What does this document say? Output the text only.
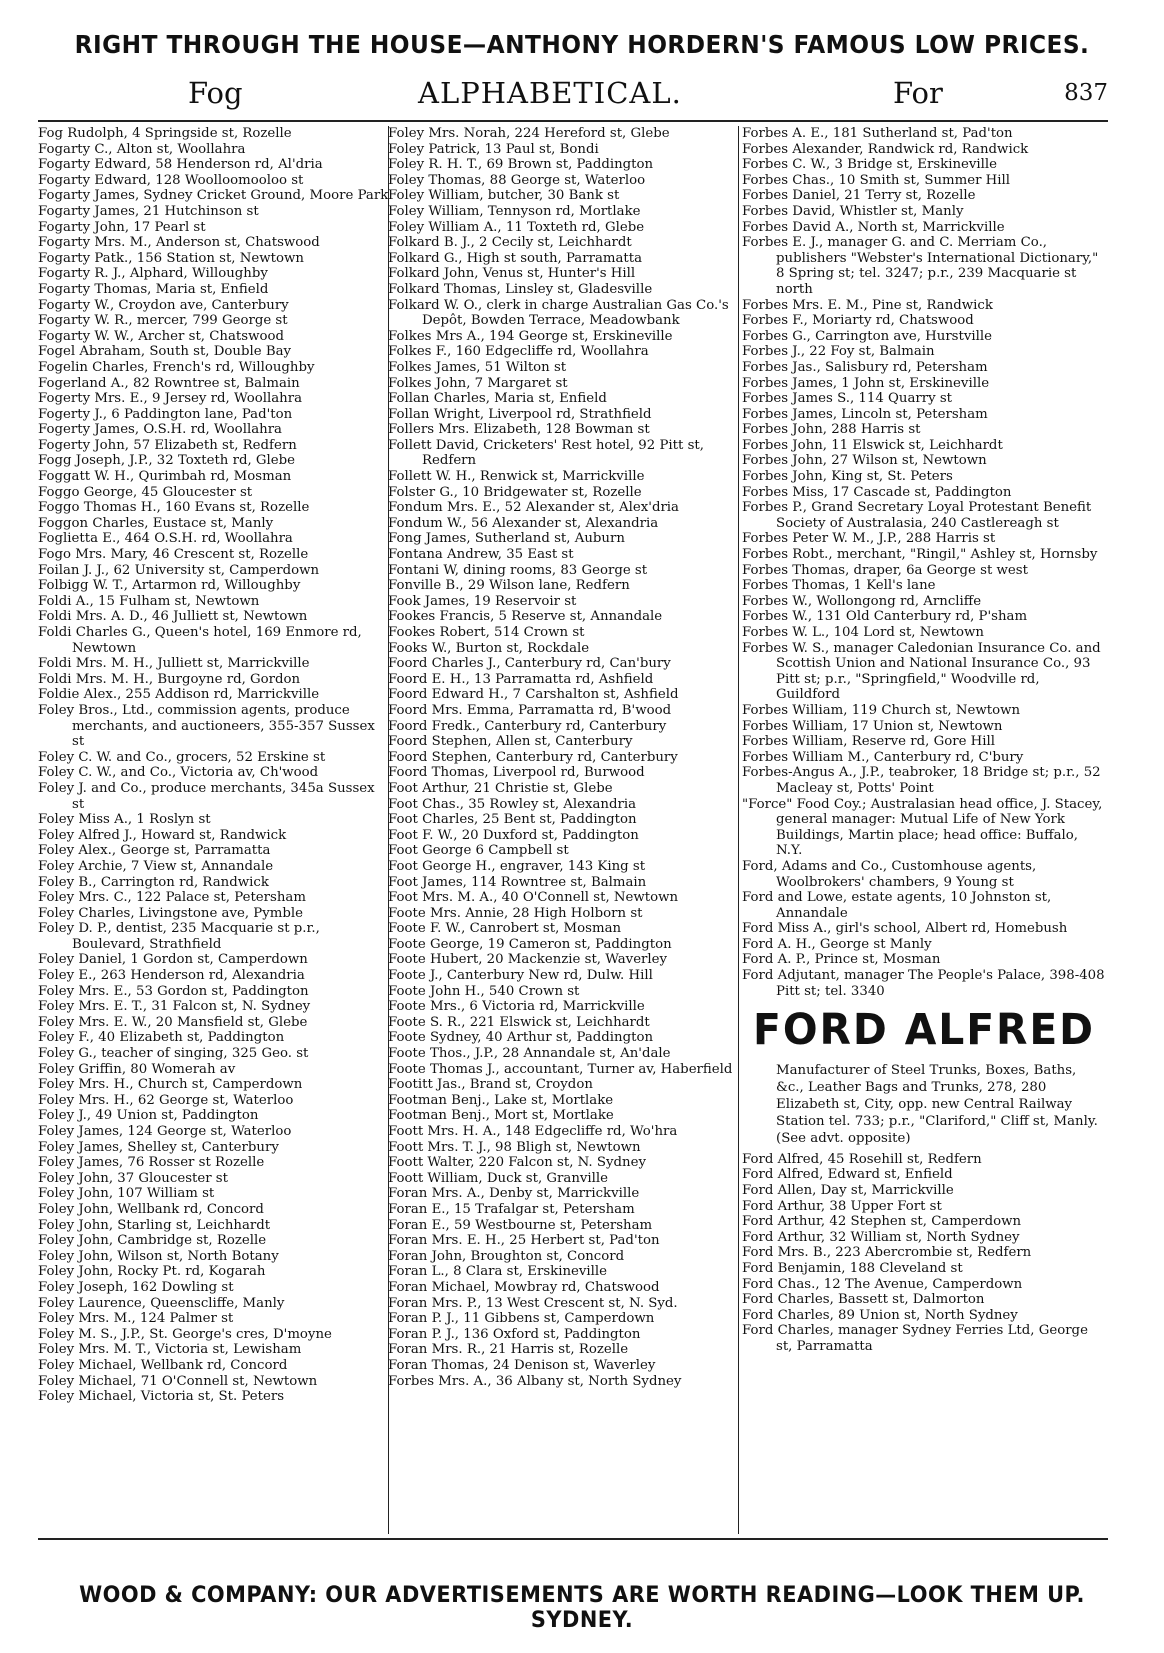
RIGHT THROUGH THE HOUSE—ANTHONY HORDERN'S FAMOUS LOW PRICES.
Fog	ALPHABETICAL.	For	837
Fog Rudolph, 4 Springside st, Rozelle
Fogarty C., Alton st, Woollahra
Fogarty Edward, 58 Henderson rd, Al'dria
Fogarty Edward, 128 Woolloomooloo st
Fogarty James, Sydney Cricket Ground, Moore Park
Fogarty James, 21 Hutchinson st
Fogarty John, 17 Pearl st
Fogarty Mrs. M., Anderson st, Chatswood
Fogarty Patk., 156 Station st, Newtown
Fogarty R. J., Alphard, Willoughby
Fogarty Thomas, Maria st, Enfield
Fogarty W., Croydon ave, Canterbury
Fogarty W. R., mercer, 799 George st
Fogarty W. W., Archer st, Chatswood
Fogel Abraham, South st, Double Bay
Fogelin Charles, French's rd, Willoughby
Fogerland A., 82 Rowntree st, Balmain
Fogerty Mrs. E., 9 Jersey rd, Woollahra
Fogerty J., 6 Paddington lane, Pad'ton
Fogerty James, O.S.H. rd, Woollahra
Fogerty John, 57 Elizabeth st, Redfern
Fogg Joseph, J.P., 32 Toxteth rd, Glebe
Foggatt W. H., Qurimbah rd, Mosman
Foggo George, 45 Gloucester st
Foggo Thomas H., 160 Evans st, Rozelle
Foggon Charles, Eustace st, Manly
Foglietta E., 464 O.S.H. rd, Woollahra
Fogo Mrs. Mary, 46 Crescent st, Rozelle
Foilan J. J., 62 University st, Camperdown
Folbigg W. T., Artarmon rd, Willoughby
Foldi A., 15 Fulham st, Newtown
Foldi Mrs. A. D., 46 Julliett st, Newtown
Foldi Charles G., Queen's hotel, 169 Enmore rd, Newtown
Foldi Mrs. M. H., Julliett st, Marrickville
Foldi Mrs. M. H., Burgoyne rd, Gordon
Foldie Alex., 255 Addison rd, Marrickville
Foley Bros., Ltd., commission agents, produce merchants, and auctioneers, 355-357 Sussex st
Foley C. W. and Co., grocers, 52 Erskine st
Foley C. W., and Co., Victoria av, Ch'wood
Foley J. and Co., produce merchants, 345a Sussex st
Foley Miss A., 1 Roslyn st
Foley Alfred J., Howard st, Randwick
Foley Alex., George st, Parramatta
Foley Archie, 7 View st, Annandale
Foley B., Carrington rd, Randwick
Foley Mrs. C., 122 Palace st, Petersham
Foley Charles, Livingstone ave, Pymble
Foley D. P., dentist, 235 Macquarie st p.r., Boulevard, Strathfield
Foley Daniel, 1 Gordon st, Camperdown
Foley E., 263 Henderson rd, Alexandria
Foley Mrs. E., 53 Gordon st, Paddington
Foley Mrs. E. T., 31 Falcon st, N. Sydney
Foley Mrs. E. W., 20 Mansfield st, Glebe
Foley F., 40 Elizabeth st, Paddington
Foley G., teacher of singing, 325 Geo. st
Foley Griffin, 80 Womerah av
Foley Mrs. H., Church st, Camperdown
Foley Mrs. H., 62 George st, Waterloo
Foley J., 49 Union st, Paddington
Foley James, 124 George st, Waterloo
Foley James, Shelley st, Canterbury
Foley James, 76 Rosser st Rozelle
Foley John, 37 Gloucester st
Foley John, 107 William st
Foley John, Wellbank rd, Concord
Foley John, Starling st, Leichhardt
Foley John, Cambridge st, Rozelle
Foley John, Wilson st, North Botany
Foley John, Rocky Pt. rd, Kogarah
Foley Joseph, 162 Dowling st
Foley Laurence, Queenscliffe, Manly
Foley Mrs. M., 124 Palmer st
Foley M. S., J.P., St. George's cres, D'moyne
Foley Mrs. M. T., Victoria st, Lewisham
Foley Michael, Wellbank rd, Concord
Foley Michael, 71 O'Connell st, Newtown
Foley Michael, Victoria st, St. Peters
Foley Mrs. Norah, 224 Hereford st, Glebe
Foley Patrick, 13 Paul st, Bondi
Foley R. H. T., 69 Brown st, Paddington
Foley Thomas, 88 George st, Waterloo
Foley William, butcher, 30 Bank st
Foley William, Tennyson rd, Mortlake
Foley William A., 11 Toxteth rd, Glebe
Folkard B. J., 2 Cecily st, Leichhardt
Folkard G., High st south, Parramatta
Folkard John, Venus st, Hunter's Hill
Folkard Thomas, Linsley st, Gladesville
Folkard W. O., clerk in charge Australian Gas Co.'s Depôt, Bowden Terrace, Meadowbank
Folkes Mrs A., 194 George st, Erskineville
Folkes F., 160 Edgecliffe rd, Woollahra
Folkes James, 51 Wilton st
Folkes John, 7 Margaret st
Follan Charles, Maria st, Enfield
Follan Wright, Liverpool rd, Strathfield
Follers Mrs. Elizabeth, 128 Bowman st
Follett David, Cricketers' Rest hotel, 92 Pitt st, Redfern
Follett W. H., Renwick st, Marrickville
Folster G., 10 Bridgewater st, Rozelle
Fondum Mrs. E., 52 Alexander st, Alex'dria
Fondum W., 56 Alexander st, Alexandria
Fong James, Sutherland st, Auburn
Fontana Andrew, 35 East st
Fontani W, dining rooms, 83 George st
Fonville B., 29 Wilson lane, Redfern
Fook James, 19 Reservoir st
Fookes Francis, 5 Reserve st, Annandale
Fookes Robert, 514 Crown st
Fooks W., Burton st, Rockdale
Foord Charles J., Canterbury rd, Can'bury
Foord E. H., 13 Parramatta rd, Ashfield
Foord Edward H., 7 Carshalton st, Ashfield
Foord Mrs. Emma, Parramatta rd, B'wood
Foord Fredk., Canterbury rd, Canterbury
Foord Stephen, Allen st, Canterbury
Foord Stephen, Canterbury rd, Canterbury
Foord Thomas, Liverpool rd, Burwood
Foot Arthur, 21 Christie st, Glebe
Foot Chas., 35 Rowley st, Alexandria
Foot Charles, 25 Bent st, Paddington
Foot F. W., 20 Duxford st, Paddington
Foot George 6 Campbell st
Foot George H., engraver, 143 King st
Foot James, 114 Rowntree st, Balmain
Foot Mrs. M. A., 40 O'Connell st, Newtown
Foote Mrs. Annie, 28 High Holborn st
Foote F. W., Canrobert st, Mosman
Foote George, 19 Cameron st, Paddington
Foote Hubert, 20 Mackenzie st, Waverley
Foote J., Canterbury New rd, Dulw. Hill
Foote John H., 540 Crown st
Foote Mrs., 6 Victoria rd, Marrickville
Foote S. R., 221 Elswick st, Leichhardt
Foote Sydney, 40 Arthur st, Paddington
Foote Thos., J.P., 28 Annandale st, An'dale
Foote Thomas J., accountant, Turner av, Haberfield
Footitt Jas., Brand st, Croydon
Footman Benj., Lake st, Mortlake
Footman Benj., Mort st, Mortlake
Foott Mrs. H. A., 148 Edgecliffe rd, Wo'hra
Foott Mrs. T. J., 98 Bligh st, Newtown
Foott Walter, 220 Falcon st, N. Sydney
Foott William, Duck st, Granville
Foran Mrs. A., Denby st, Marrickville
Foran E., 15 Trafalgar st, Petersham
Foran E., 59 Westbourne st, Petersham
Foran Mrs. E. H., 25 Herbert st, Pad'ton
Foran John, Broughton st, Concord
Foran L., 8 Clara st, Erskineville
Foran Michael, Mowbray rd, Chatswood
Foran Mrs. P., 13 West Crescent st, N. Syd.
Foran P. J., 11 Gibbens st, Camperdown
Foran P. J., 136 Oxford st, Paddington
Foran Mrs. R., 21 Harris st, Rozelle
Foran Thomas, 24 Denison st, Waverley
Forbes Mrs. A., 36 Albany st, North Sydney
Forbes A. E., 181 Sutherland st, Pad'ton
Forbes Alexander, Randwick rd, Randwick
Forbes C. W., 3 Bridge st, Erskineville
Forbes Chas., 10 Smith st, Summer Hill
Forbes Daniel, 21 Terry st, Rozelle
Forbes David, Whistler st, Manly
Forbes David A., North st, Marrickville
Forbes E. J., manager G. and C. Merriam Co., publishers "Webster's International Dictionary," 8 Spring st; tel. 3247; p.r., 239 Macquarie st north
Forbes Mrs. E. M., Pine st, Randwick
Forbes F., Moriarty rd, Chatswood
Forbes G., Carrington ave, Hurstville
Forbes J., 22 Foy st, Balmain
Forbes Jas., Salisbury rd, Petersham
Forbes James, 1 John st, Erskineville
Forbes James S., 114 Quarry st
Forbes James, Lincoln st, Petersham
Forbes John, 288 Harris st
Forbes John, 11 Elswick st, Leichhardt
Forbes John, 27 Wilson st, Newtown
Forbes John, King st, St. Peters
Forbes Miss, 17 Cascade st, Paddington
Forbes P., Grand Secretary Loyal Protestant Benefit Society of Australasia, 240 Castlereagh st
Forbes Peter W. M., J.P., 288 Harris st
Forbes Robt., merchant, "Ringil," Ashley st, Hornsby
Forbes Thomas, draper, 6a George st west
Forbes Thomas, 1 Kell's lane
Forbes W., Wollongong rd, Arncliffe
Forbes W., 131 Old Canterbury rd, P'sham
Forbes W. L., 104 Lord st, Newtown
Forbes W. S., manager Caledonian Insurance Co. and Scottish Union and National Insurance Co., 93 Pitt st; p.r., "Springfield," Woodville rd, Guildford
Forbes William, 119 Church st, Newtown
Forbes William, 17 Union st, Newtown
Forbes William, Reserve rd, Gore Hill
Forbes William M., Canterbury rd, C'bury
Forbes-Angus A., J.P., teabroker, 18 Bridge st; p.r., 52 Macleay st, Potts' Point
"Force" Food Coy.; Australasian head office, J. Stacey, general manager: Mutual Life of New York Buildings, Martin place; head office: Buffalo, N.Y.
Ford, Adams and Co., Customhouse agents, Woolbrokers' chambers, 9 Young st
Ford and Lowe, estate agents, 10 Johnston st, Annandale
Ford Miss A., girl's school, Albert rd, Homebush
Ford A. H., George st Manly
Ford A. P., Prince st, Mosman
Ford Adjutant, manager The People's Palace, 398-408 Pitt st; tel. 3340
FORD ALFRED
Manufacturer of Steel Trunks, Boxes, Baths, &c., Leather Bags and Trunks, 278, 280 Elizabeth st, City, opp. new Central Railway Station tel. 733; p.r., "Clariford," Cliff st, Manly. (See advt. opposite)
Ford Alfred, 45 Rosehill st, Redfern
Ford Alfred, Edward st, Enfield
Ford Allen, Day st, Marrickville
Ford Arthur, 38 Upper Fort st
Ford Arthur, 42 Stephen st, Camperdown
Ford Arthur, 32 William st, North Sydney
Ford Mrs. B., 223 Abercrombie st, Redfern
Ford Benjamin, 188 Cleveland st
Ford Chas., 12 The Avenue, Camperdown
Ford Charles, Bassett st, Dalmorton
Ford Charles, 89 Union st, North Sydney
Ford Charles, manager Sydney Ferries Ltd, George st, Parramatta
WOOD & COMPANY: OUR ADVERTISEMENTS ARE WORTH READING—LOOK THEM UP. SYDNEY.
